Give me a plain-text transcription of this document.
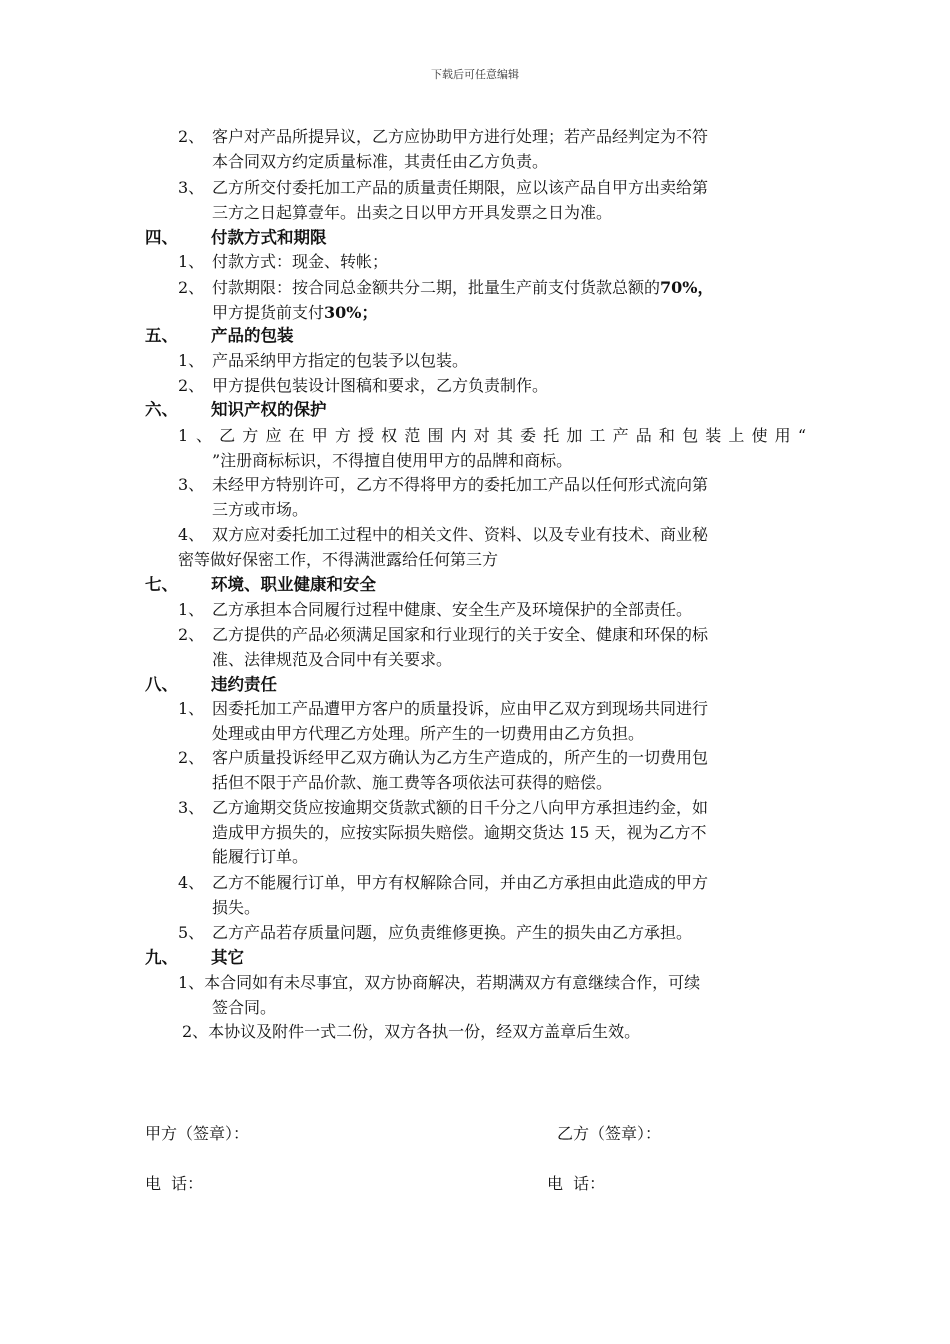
下载后可任意编辑
2、 客户对产品所提异议，乙方应协助甲方进行处理；若产品经判定为不符
本合同双方约定质量标准，其责任由乙方负责。
3、 乙方所交付委托加工产品的质量责任期限，应以该产品自甲方出卖给第
三方之日起算壹年。出卖之日以甲方开具发票之日为准。
四、 付款方式和期限
1、 付款方式：现金、转帐；
2、 付款期限：按合同总金额共分二期，批量生产前支付货款总额的70%，
甲方提货前支付30%；
五、 产品的包装
1、 产品采纳甲方指定的包装予以包装。
2、 甲方提供包装设计图稿和要求，乙方负责制作。
六、 知识产权的保护
1、乙方应在甲方授权范围内对其委托加工产品和包装上使用“
”注册商标标识，不得擅自使用甲方的品牌和商标。
3、 未经甲方特别许可，乙方不得将甲方的委托加工产品以任何形式流向第
三方或市场。
4、 双方应对委托加工过程中的相关文件、资料、以及专业有技术、商业秘
密等做好保密工作，不得满泄露给任何第三方
七、 环境、职业健康和安全
1、 乙方承担本合同履行过程中健康、安全生产及环境保护的全部责任。
2、 乙方提供的产品必须满足国家和行业现行的关于安全、健康和环保的标
准、法律规范及合同中有关要求。
八、 违约责任
1、 因委托加工产品遭甲方客户的质量投诉，应由甲乙双方到现场共同进行
处理或由甲方代理乙方处理。所产生的一切费用由乙方负担。
2、 客户质量投诉经甲乙双方确认为乙方生产造成的，所产生的一切费用包
括但不限于产品价款、施工费等各项依法可获得的赔偿。
3、 乙方逾期交货应按逾期交货款式额的日千分之八向甲方承担违约金，如
造成甲方损失的，应按实际损失赔偿。逾期交货达 15 天，视为乙方不
能履行订单。
4、 乙方不能履行订单，甲方有权解除合同，并由乙方承担由此造成的甲方
损失。
5、 乙方产品若存质量问题，应负责维修更换。产生的损失由乙方承担。
九、 其它
1、本合同如有未尽事宜，双方协商解决，若期满双方有意继续合作，可续
签合同。
2、本协议及附件一式二份，双方各执一份，经双方盖章后生效。
甲方（签章）：	乙方（签章）：
电  话：	电  话：
